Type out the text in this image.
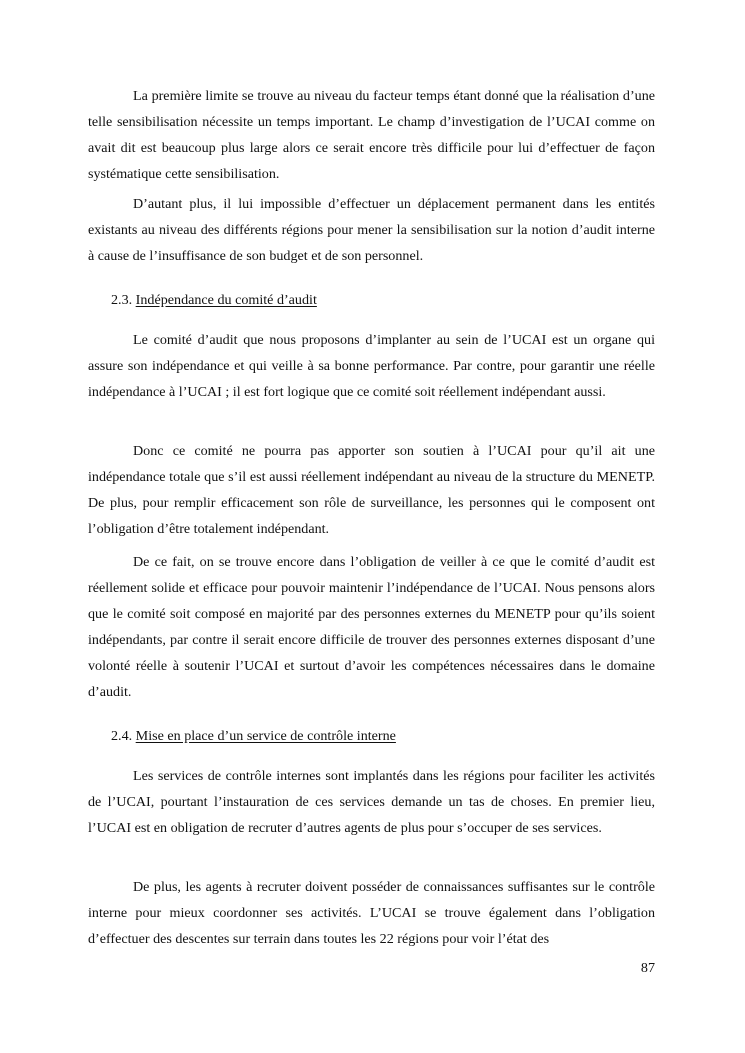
La première limite se trouve au niveau du facteur temps étant donné que la réalisation d’une telle sensibilisation nécessite un temps important. Le champ d’investigation de l’UCAI comme on avait dit est beaucoup plus large alors ce serait encore très difficile pour lui d’effectuer de façon systématique cette sensibilisation.

D’autant plus, il lui impossible d’effectuer un déplacement permanent dans les entités existants au niveau des différents régions pour mener la sensibilisation sur la notion d’audit interne à cause de l’insuffisance de son budget et de son personnel.

2.3. Indépendance du comité d’audit

Le comité d’audit que nous proposons d’implanter au sein de l’UCAI est un organe qui assure son indépendance et qui veille à sa bonne performance. Par contre, pour garantir une réelle indépendance à l’UCAI ; il est fort logique que ce comité soit réellement indépendant aussi.

Donc ce comité ne pourra pas apporter son soutien à l’UCAI pour qu’il ait une indépendance totale que s’il est aussi réellement indépendant au niveau de la structure du MENETP. De plus, pour remplir efficacement son rôle de surveillance, les personnes qui le composent ont l’obligation d’être totalement indépendant.

De ce fait, on se trouve encore dans l’obligation de veiller à ce que le comité d’audit est réellement solide et efficace pour pouvoir maintenir l’indépendance de l’UCAI. Nous pensons alors que le comité soit composé en majorité par des personnes externes du MENETP pour qu’ils soient indépendants, par contre il serait encore difficile de trouver des personnes externes disposant d’une volonté réelle à soutenir l’UCAI et surtout d’avoir les compétences nécessaires dans le domaine d’audit.

2.4. Mise en place d’un service de contrôle interne

Les services de contrôle internes sont implantés dans les régions pour faciliter les activités de l’UCAI, pourtant l’instauration de ces services demande un tas de choses. En premier lieu, l’UCAI est en obligation de recruter d’autres agents de plus pour s’occuper de ses services.

De plus, les agents à recruter doivent posséder de connaissances suffisantes sur le contrôle interne pour mieux coordonner ses activités. L’UCAI se trouve également dans l’obligation d’effectuer des descentes sur terrain dans toutes les 22 régions pour voir l’état des

87
